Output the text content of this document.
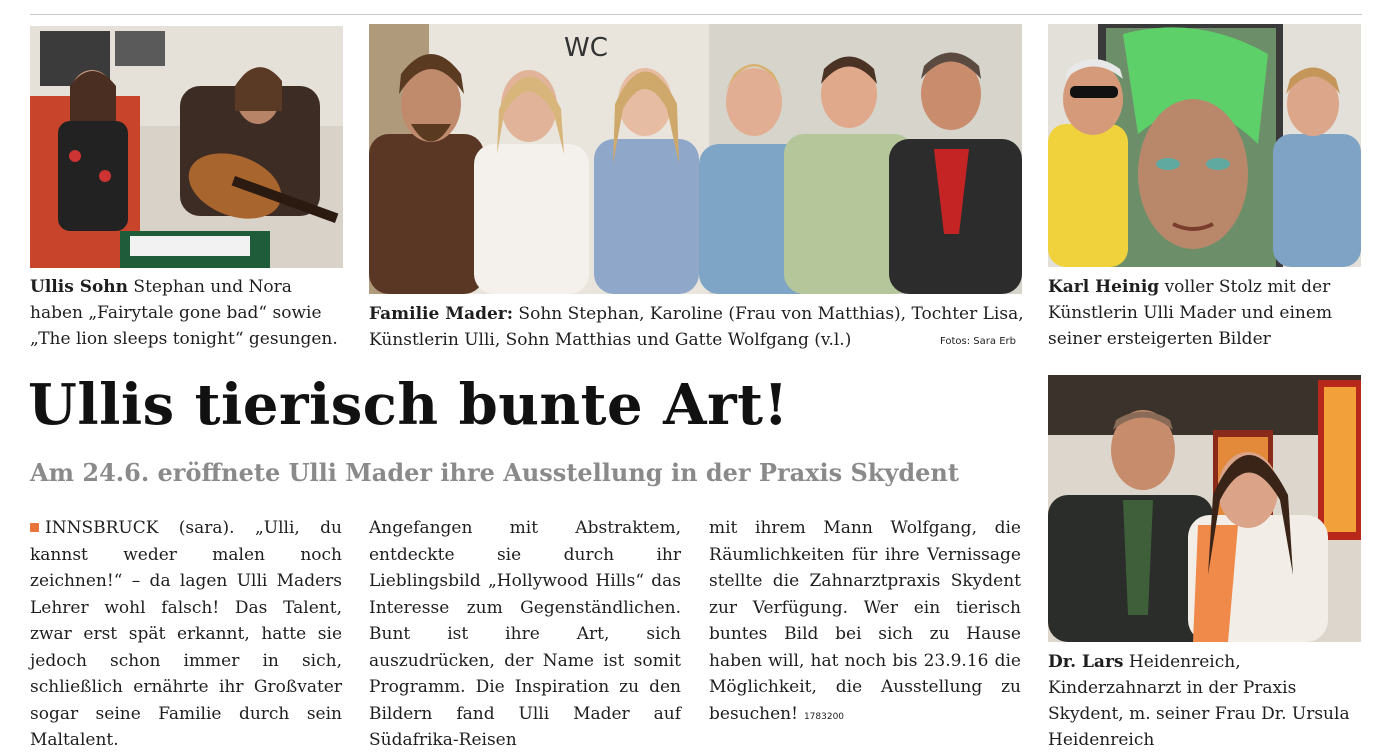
WC
Ullis Sohn Stephan und Nora haben „Fairytale gone bad“ sowie „The lion sleeps tonight“ gesungen.
Familie Mader: Sohn Stephan, Karoline (Frau von Matthias), Tochter Lisa, Künstlerin Ulli, Sohn Matthias und Gatte Wolfgang (v.l.)	Fotos: Sara Erb
Karl Heinig voller Stolz mit der Künstlerin Ulli Mader und einem seiner ersteigerten Bilder
Dr. Lars Heidenreich, Kinderzahnarzt in der Praxis Skydent, m. seiner Frau Dr. Ursula Heidenreich
Ullis tierisch bunte Art!
Am 24.6. eröffnete Ulli Mader ihre Ausstellung in der Praxis Skydent

INNSBRUCK (sara). „Ulli, du kannst weder malen noch zeichnen!“ – da lagen Ulli Maders Lehrer wohl falsch! Das Talent, zwar erst spät erkannt, hatte sie jedoch schon immer in sich, schließlich ernährte ihr Großvater sogar seine Familie durch sein Maltalent.

Angefangen mit Abstraktem, entdeckte sie durch ihr Lieblingsbild „Hollywood Hills“ das Interesse zum Gegenständlichen. Bunt ist ihre Art, sich auszudrücken, der Name ist somit Programm. Die Inspiration zu den Bildern fand Ulli Mader auf Südafrika-Reisen

mit ihrem Mann Wolfgang, die Räumlichkeiten für ihre Vernissage stellte die Zahnarztpraxis Skydent zur Verfügung. Wer ein tierisch buntes Bild bei sich zu Hause haben will, hat noch bis 23.9.16 die Möglichkeit, die Ausstellung zu besuchen! 1783200
